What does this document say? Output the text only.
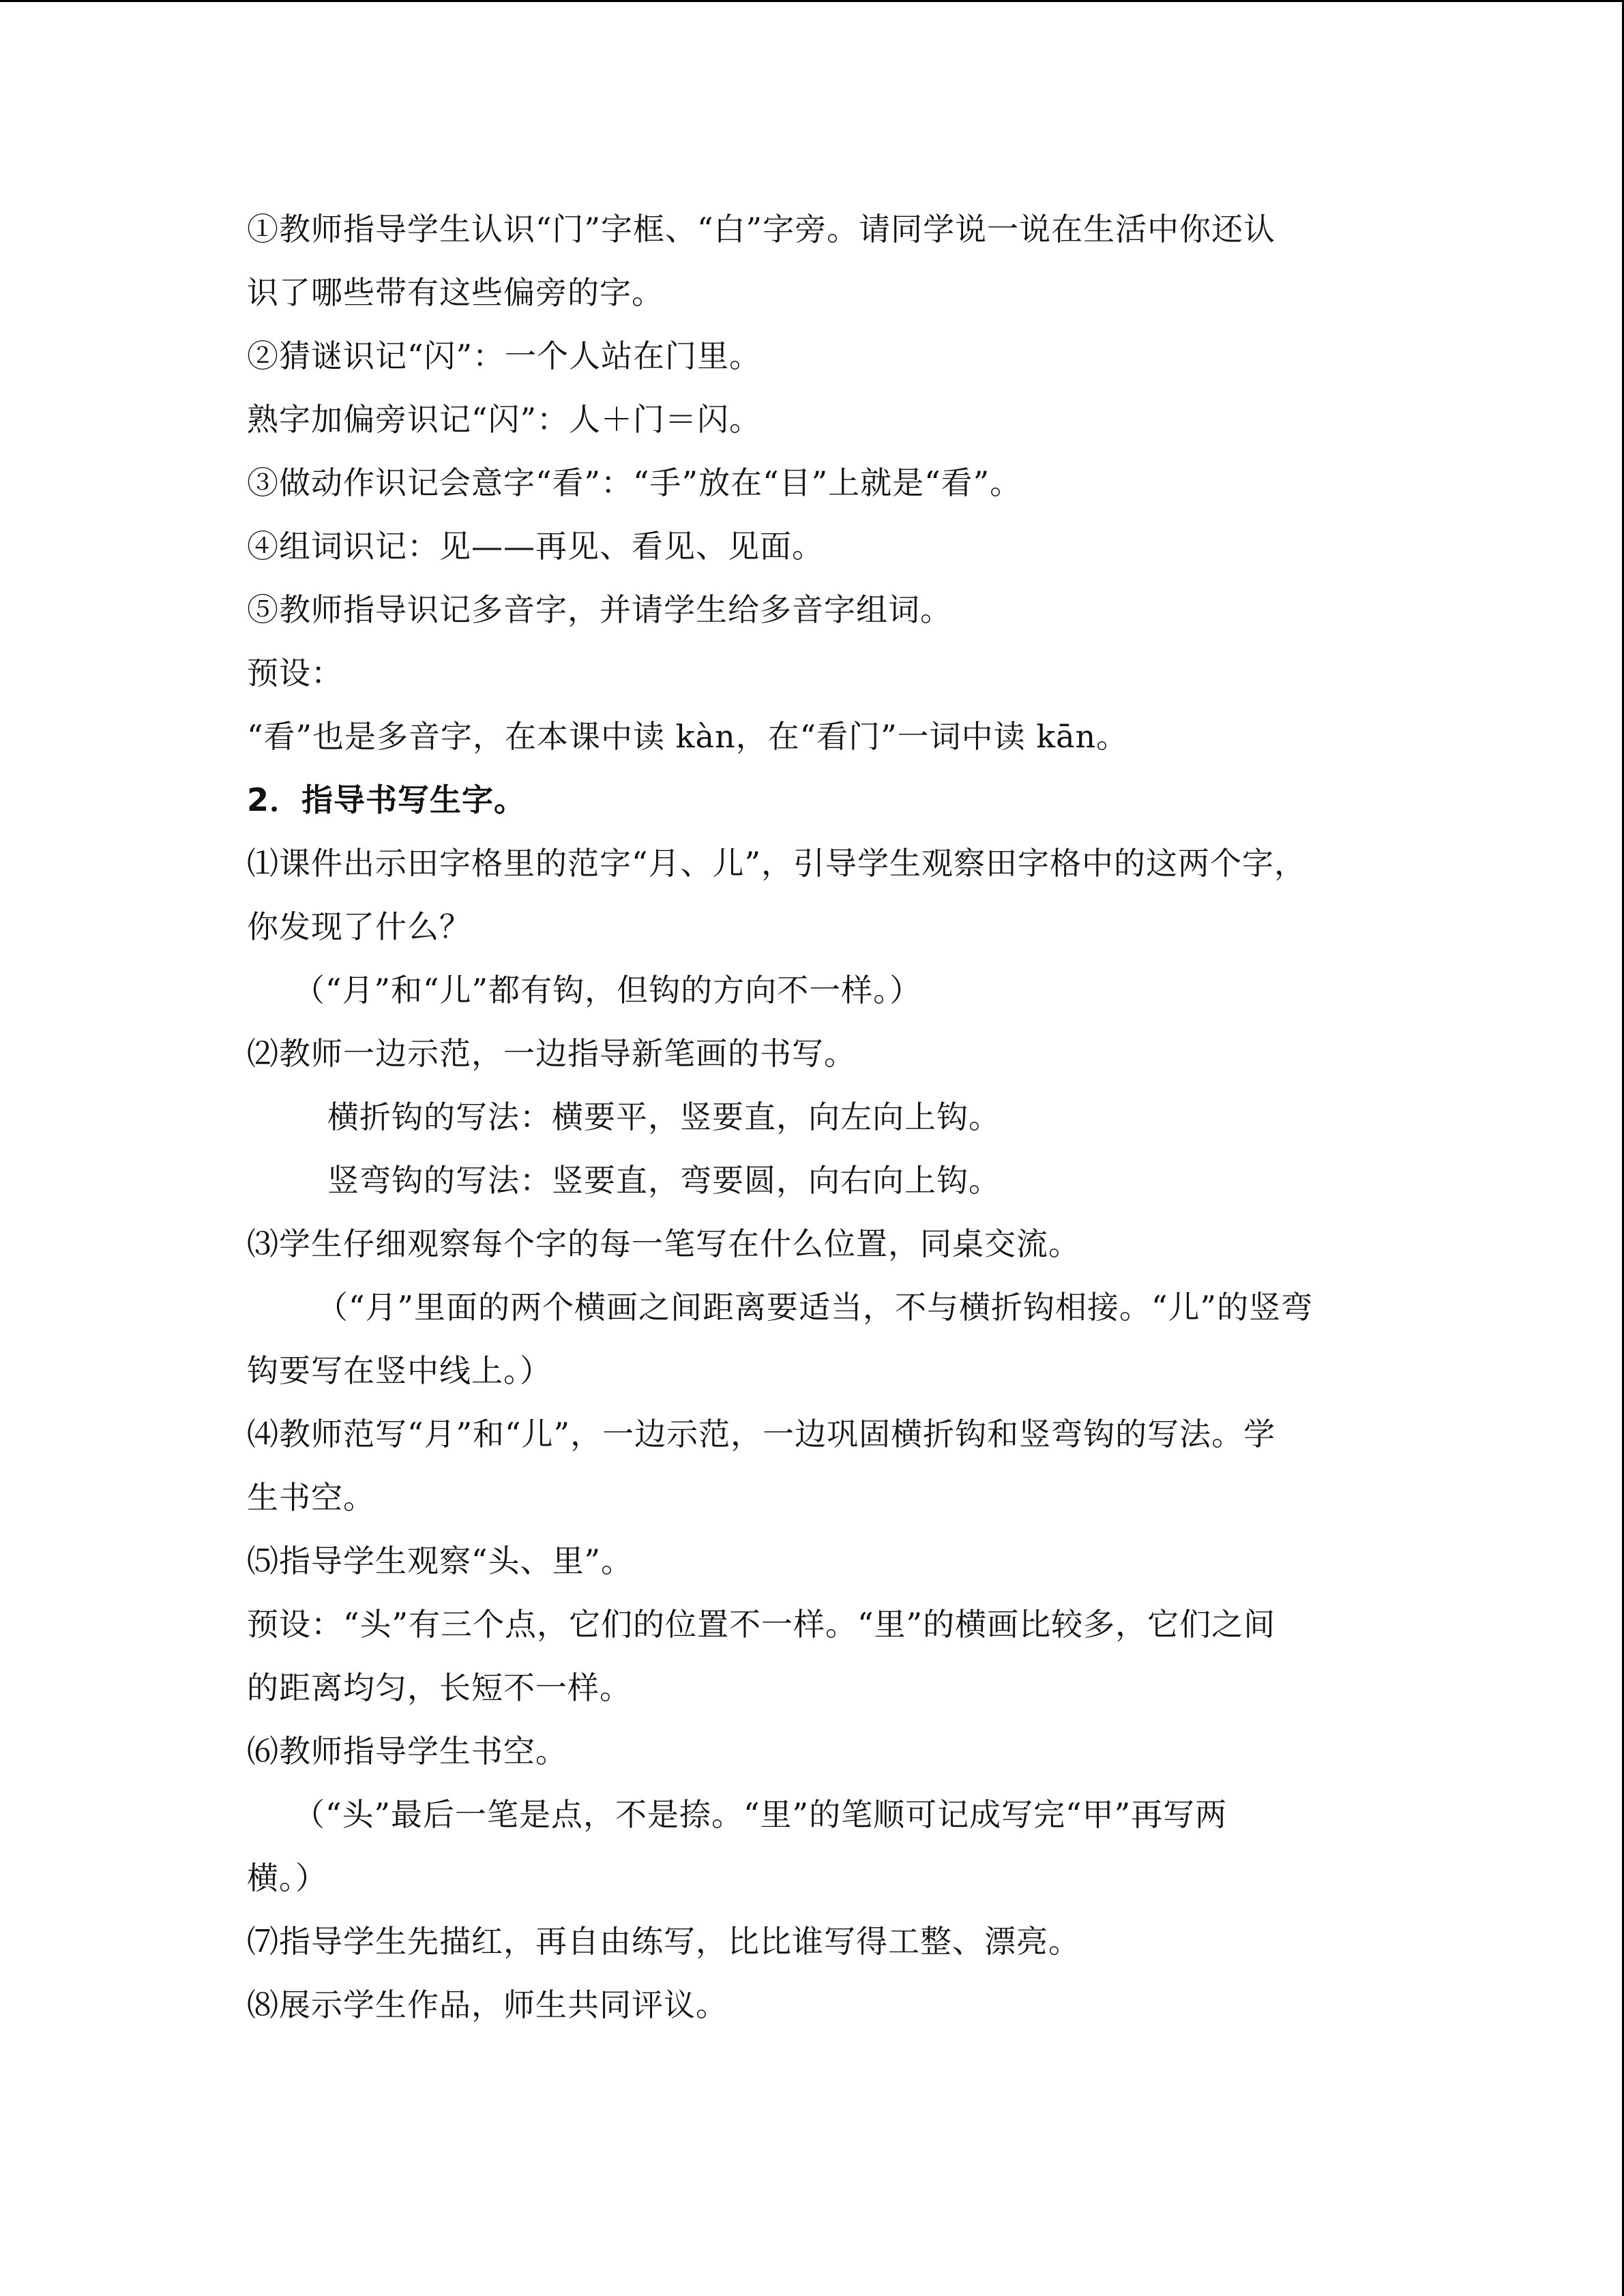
①教师指导学生认识“门”字框、“白”字旁。请同学说一说在生活中你还认
识了哪些带有这些偏旁的字。
②猜谜识记“闪”：一个人站在门里。
熟字加偏旁识记“闪”：人＋门＝闪。
③做动作识记会意字“看”：“手”放在“目”上就是“看”。
④组词识记：见——再见、看见、见面。
⑤教师指导识记多音字，并请学生给多音字组词。
预设：
“看”也是多音字，在本课中读 kàn，在“看门”一词中读 kān。
2．指导书写生字。
⑴课件出示田字格里的范字“月、儿”，引导学生观察田字格中的这两个字，
你发现了什么？
（“月”和“儿”都有钩，但钩的方向不一样。）
⑵教师一边示范，一边指导新笔画的书写。
横折钩的写法：横要平，竖要直，向左向上钩。
竖弯钩的写法：竖要直，弯要圆，向右向上钩。
⑶学生仔细观察每个字的每一笔写在什么位置，同桌交流。
（“月”里面的两个横画之间距离要适当，不与横折钩相接。“儿”的竖弯
钩要写在竖中线上。）
⑷教师范写“月”和“儿”，一边示范，一边巩固横折钩和竖弯钩的写法。学
生书空。
⑸指导学生观察“头、里”。
预设：“头”有三个点，它们的位置不一样。“里”的横画比较多，它们之间
的距离均匀，长短不一样。
⑹教师指导学生书空。
（“头”最后一笔是点，不是捺。“里”的笔顺可记成写完“甲”再写两
横。）
⑺指导学生先描红，再自由练写，比比谁写得工整、漂亮。
⑻展示学生作品，师生共同评议。
